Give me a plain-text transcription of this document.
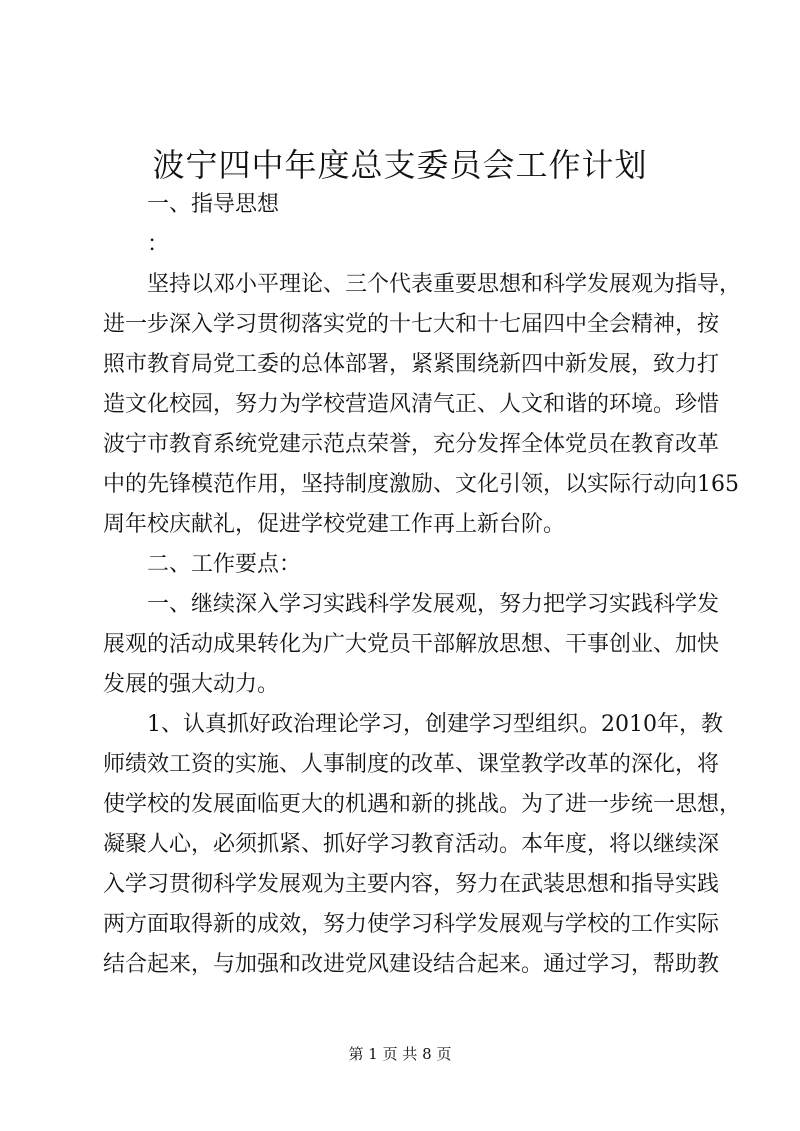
波宁四中年度总支委员会工作计划
一、指导思想
：
坚持以邓小平理论、三个代表重要思想和科学发展观为指导，
进一步深入学习贯彻落实党的十七大和十七届四中全会精神，按
照市教育局党工委的总体部署，紧紧围绕新四中新发展，致力打
造文化校园，努力为学校营造风清气正、人文和谐的环境。珍惜
波宁市教育系统党建示范点荣誉，充分发挥全体党员在教育改革
中的先锋模范作用，坚持制度激励、文化引领，以实际行动向165
周年校庆献礼，促进学校党建工作再上新台阶。
二、工作要点：
一、继续深入学习实践科学发展观，努力把学习实践科学发
展观的活动成果转化为广大党员干部解放思想、干事创业、加快
发展的强大动力。
1、认真抓好政治理论学习，创建学习型组织。2010年，教
师绩效工资的实施、人事制度的改革、课堂教学改革的深化，将
使学校的发展面临更大的机遇和新的挑战。为了进一步统一思想，
凝聚人心，必须抓紧、抓好学习教育活动。本年度，将以继续深
入学习贯彻科学发展观为主要内容，努力在武装思想和指导实践
两方面取得新的成效，努力使学习科学发展观与学校的工作实际
结合起来，与加强和改进党风建设结合起来。通过学习，帮助教
第 1 页 共 8 页
